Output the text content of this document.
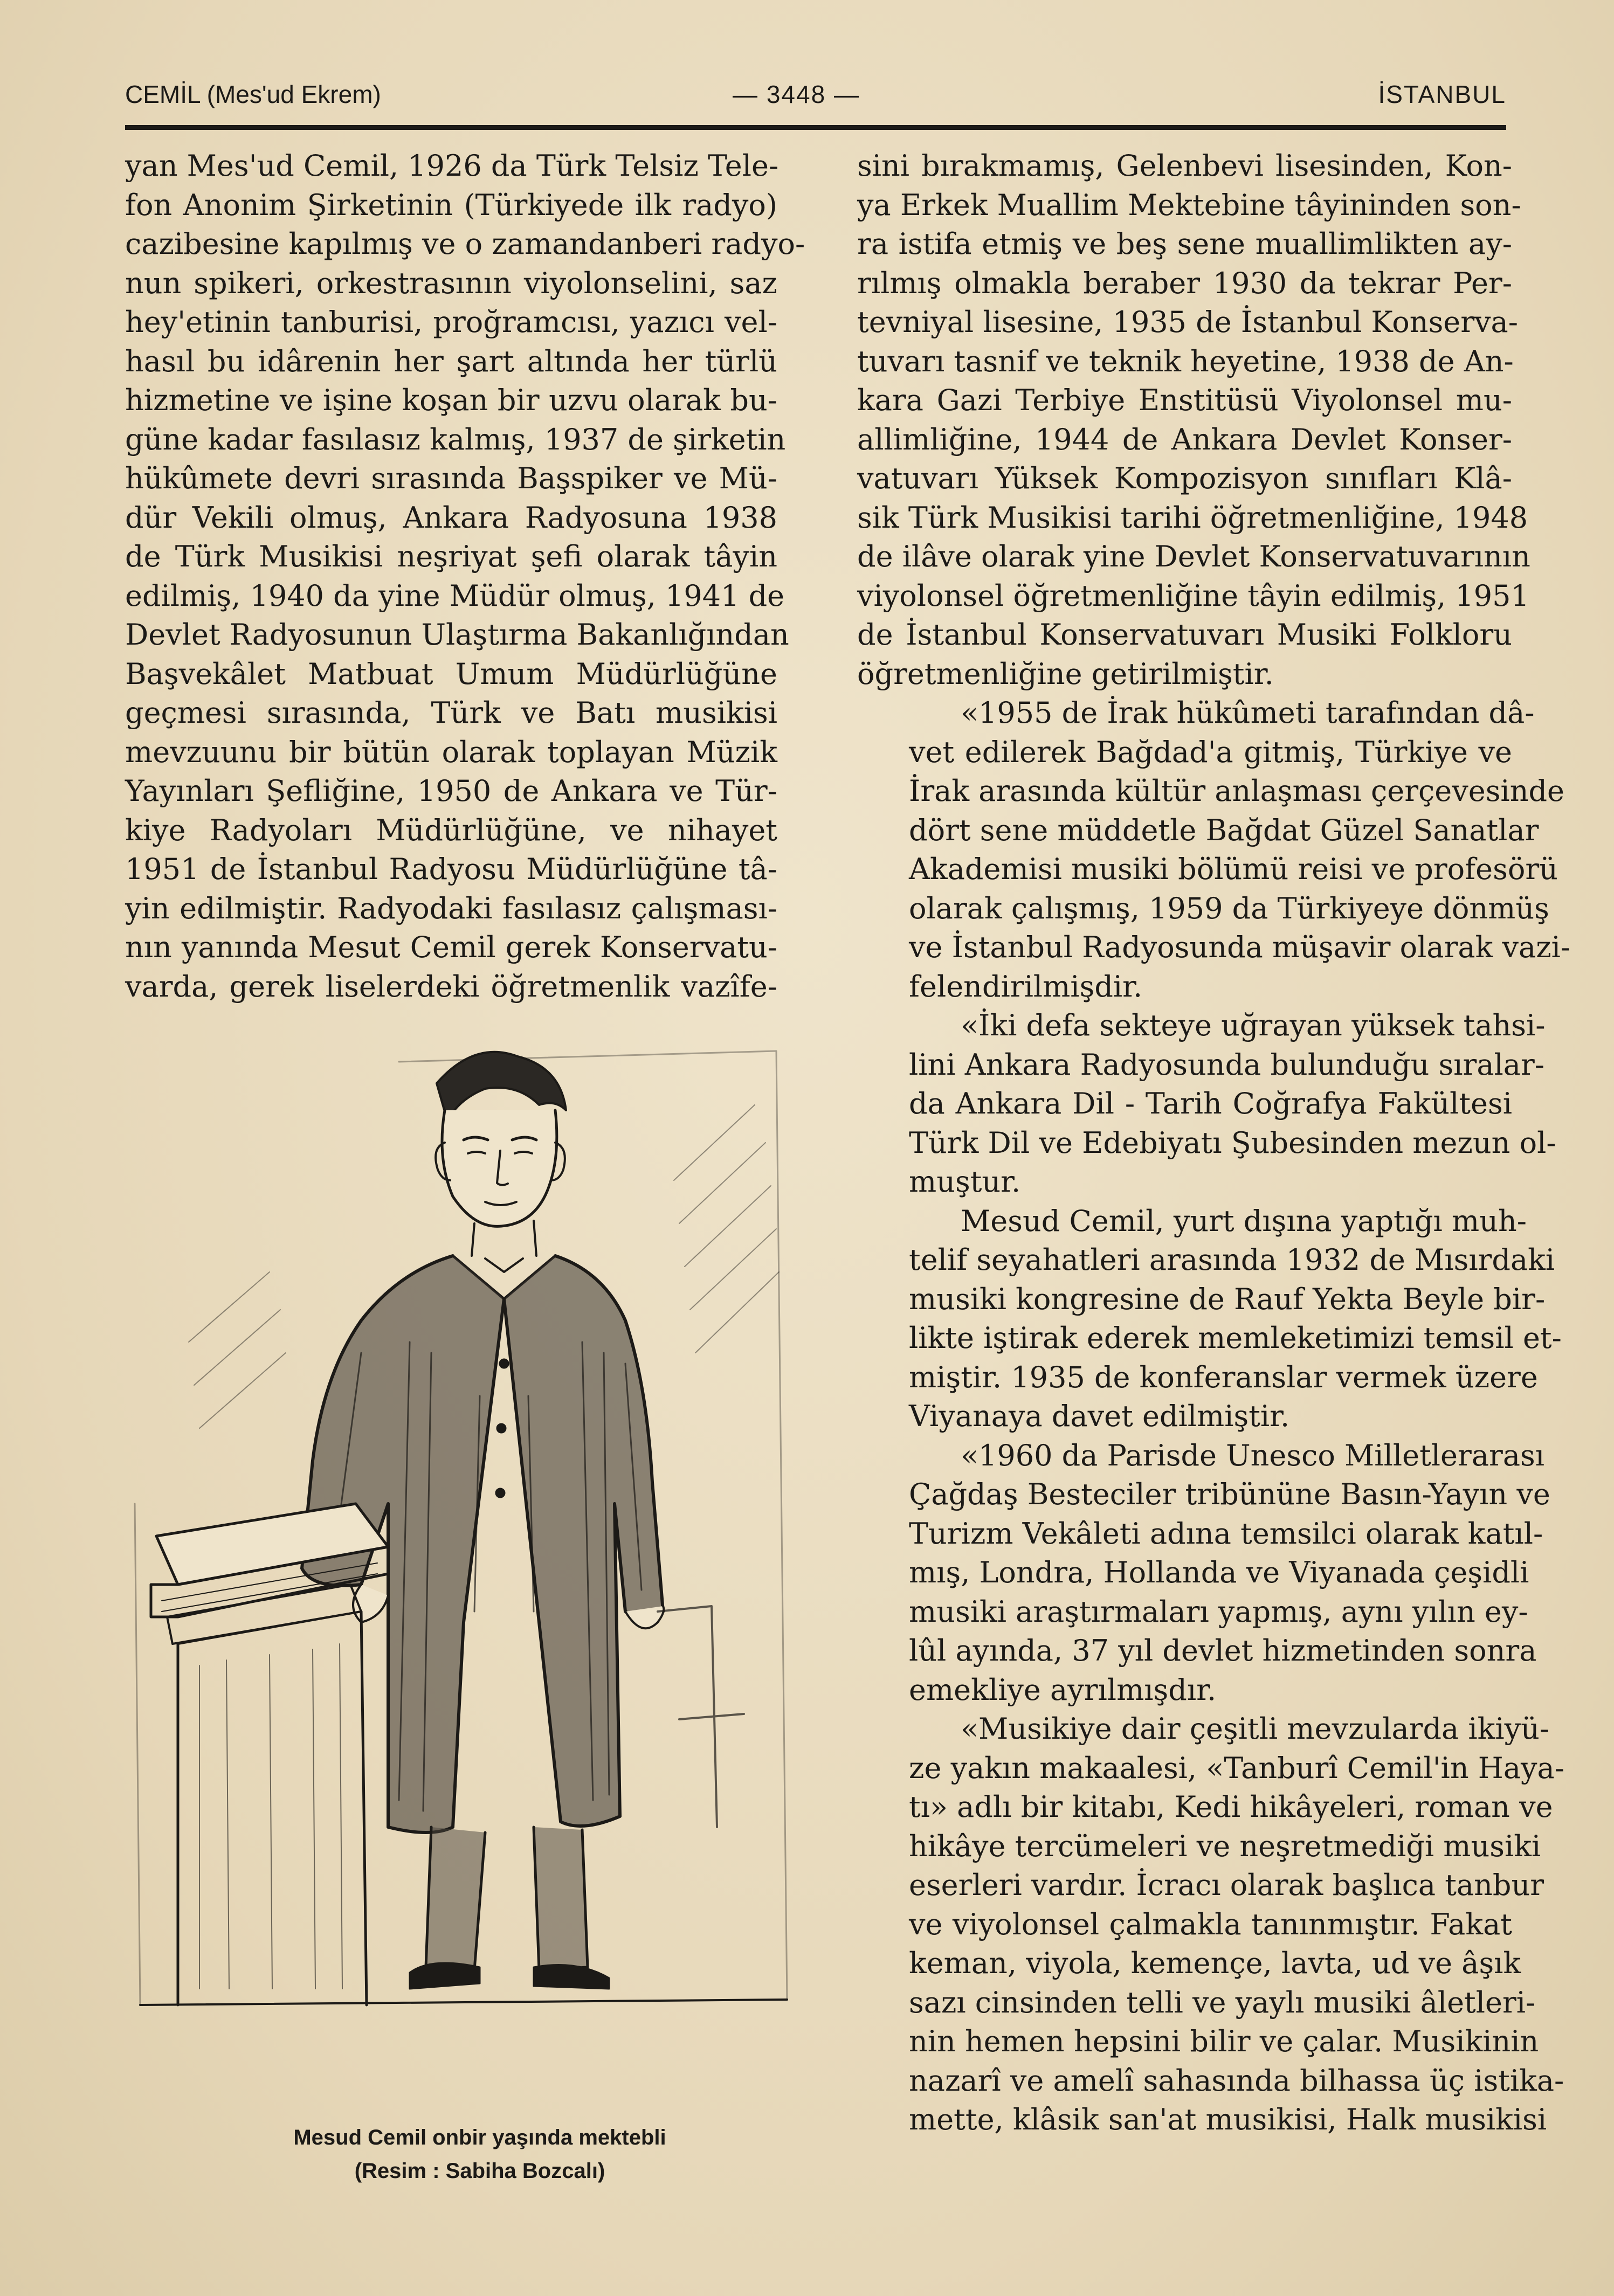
CEMİL (Mes'ud Ekrem)	— 3448 —	İSTANBUL
yan Mes'ud Cemil, 1926 da Türk Telsiz Tele-
fon Anonim Şirketinin (Türkiyede ilk radyo)
cazibesine kapılmış ve o zamandanberi radyo-
nun spikeri, orkestrasının viyolonselini, saz
hey'etinin tanburisi, proğramcısı, yazıcı vel-
hasıl bu idârenin her şart altında her türlü
hizmetine ve işine koşan bir uzvu olarak bu-
güne kadar fasılasız kalmış, 1937 de şirketin
hükûmete devri sırasında Başspiker ve Mü-
dür Vekili olmuş, Ankara Radyosuna 1938
de Türk Musikisi neşriyat şefi olarak tâyin
edilmiş, 1940 da yine Müdür olmuş, 1941 de
Devlet Radyosunun Ulaştırma Bakanlığından
Başvekâlet Matbuat Umum Müdürlüğüne
geçmesi sırasında, Türk ve Batı musikisi
mevzuunu bir bütün olarak toplayan Müzik
Yayınları Şefliğine, 1950 de Ankara ve Tür-
kiye Radyoları Müdürlüğüne, ve nihayet
1951 de İstanbul Radyosu Müdürlüğüne tâ-
yin edilmiştir. Radyodaki fasılasız çalışması-
nın yanında Mesut Cemil gerek Konservatu-
varda, gerek liselerdeki öğretmenlik vazîfe-

sini bırakmamış, Gelenbevi lisesinden, Kon-
ya Erkek Muallim Mektebine tâyininden son-
ra istifa etmiş ve beş sene muallimlikten ay-
rılmış olmakla beraber 1930 da tekrar Per-
tevniyal lisesine, 1935 de İstanbul Konserva-
tuvarı tasnif ve teknik heyetine, 1938 de An-
kara Gazi Terbiye Enstitüsü Viyolonsel mu-
allimliğine, 1944 de Ankara Devlet Konser-
vatuvarı Yüksek Kompozisyon sınıfları Klâ-
sik Türk Musikisi tarihi öğretmenliğine, 1948
de ilâve olarak yine Devlet Konservatuvarının
viyolonsel öğretmenliğine tâyin edilmiş, 1951
de İstanbul Konservatuvarı Musiki Folkloru
öğretmenliğine getirilmiştir.

«1955 de İrak hükûmeti tarafından dâ-
vet edilerek Bağdad'a gitmiş, Türkiye ve
İrak arasında kültür anlaşması çerçevesinde
dört sene müddetle Bağdat Güzel Sanatlar
Akademisi musiki bölümü reisi ve profesörü
olarak çalışmış, 1959 da Türkiyeye dönmüş
ve İstanbul Radyosunda müşavir olarak vazi-
felendirilmişdir.

«İki defa sekteye uğrayan yüksek tahsi-
lini Ankara Radyosunda bulunduğu sıralar-
da Ankara Dil - Tarih Coğrafya Fakültesi
Türk Dil ve Edebiyatı Şubesinden mezun ol-
muştur.

Mesud Cemil, yurt dışına yaptığı muh-
telif seyahatleri arasında 1932 de Mısırdaki
musiki kongresine de Rauf Yekta Beyle bir-
likte iştirak ederek memleketimizi temsil et-
miştir. 1935 de konferanslar vermek üzere
Viyanaya davet edilmiştir.

«1960 da Parisde Unesco Milletlerarası
Çağdaş Besteciler tribününe Basın-Yayın ve
Turizm Vekâleti adına temsilci olarak katıl-
mış, Londra, Hollanda ve Viyanada çeşidli
musiki araştırmaları yapmış, aynı yılın ey-
lûl ayında, 37 yıl devlet hizmetinden sonra
emekliye ayrılmışdır.

«Musikiye dair çeşitli mevzularda ikiyü-
ze yakın makaalesi, «Tanburî Cemil'in Haya-
tı» adlı bir kitabı, Kedi hikâyeleri, roman ve
hikâye tercümeleri ve neşretmediği musiki
eserleri vardır. İcracı olarak başlıca tanbur
ve viyolonsel çalmakla tanınmıştır. Fakat
keman, viyola, kemençe, lavta, ud ve âşık
sazı cinsinden telli ve yaylı musiki âletleri-
nin hemen hepsini bilir ve çalar. Musikinin
nazarî ve amelî sahasında bilhassa üç istika-
mette, klâsik san'at musikisi, Halk musikisi

Mesud Cemil onbir yaşında mektebli
(Resim : Sabiha Bozcalı)
